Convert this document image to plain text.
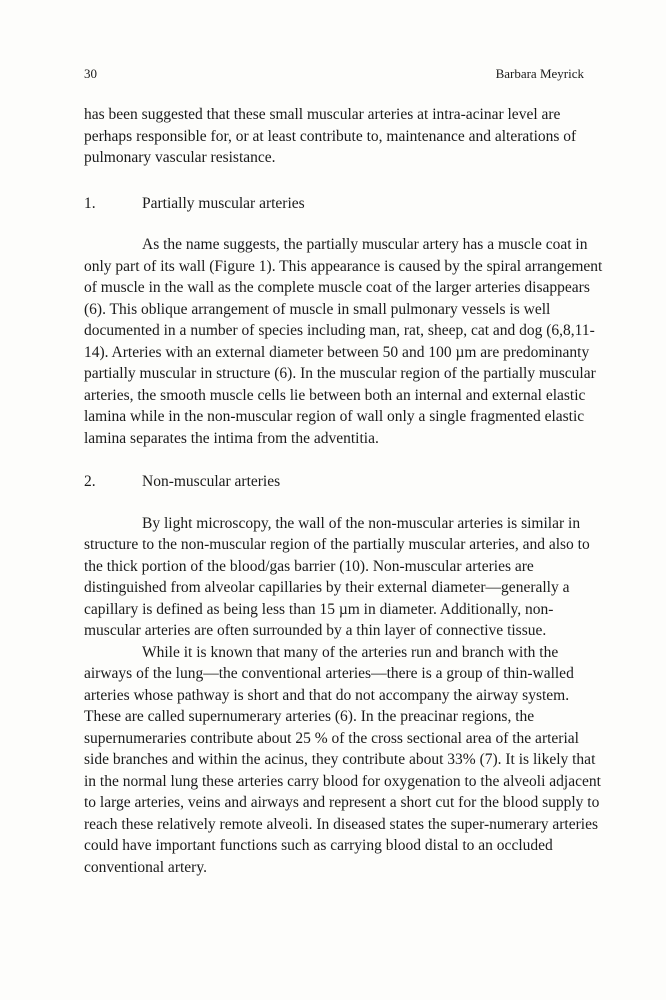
30	Barbara Meyrick

has been suggested that these small muscular arteries at intra-acinar level are perhaps responsible for, or at least contribute to, maintenance and alterations of pulmonary vascular resistance.

1.	Partially muscular arteries

As the name suggests, the partially muscular artery has a muscle coat in only part of its wall (Figure 1). This appearance is caused by the spiral arrangement of muscle in the wall as the complete muscle coat of the larger arteries disappears (6). This oblique arrangement of muscle in small pulmonary vessels is well documented in a number of species including man, rat, sheep, cat and dog (6,8,11-14). Arteries with an external diameter between 50 and 100 µm are predominanty partially muscular in structure (6). In the muscular region of the partially muscular arteries, the smooth muscle cells lie between both an internal and external elastic lamina while in the non-muscular region of wall only a single fragmented elastic lamina separates the intima from the adventitia.

2.	Non-muscular arteries

By light microscopy, the wall of the non-muscular arteries is similar in structure to the non-muscular region of the partially muscular arteries, and also to the thick portion of the blood/gas barrier (10). Non-muscular arteries are distinguished from alveolar capillaries by their external diameter—generally a capillary is defined as being less than 15 µm in diameter. Additionally, non-muscular arteries are often surrounded by a thin layer of connective tissue.

While it is known that many of the arteries run and branch with the airways of the lung—the conventional arteries—there is a group of thin-walled arteries whose pathway is short and that do not accompany the airway system. These are called supernumerary arteries (6). In the preacinar regions, the supernumeraries contribute about 25 % of the cross sectional area of the arterial side branches and within the acinus, they contribute about 33% (7). It is likely that in the normal lung these arteries carry blood for oxygenation to the alveoli adjacent to large arteries, veins and airways and represent a short cut for the blood supply to reach these relatively remote alveoli. In diseased states the super-numerary arteries could have important functions such as carrying blood distal to an occluded conventional artery.
